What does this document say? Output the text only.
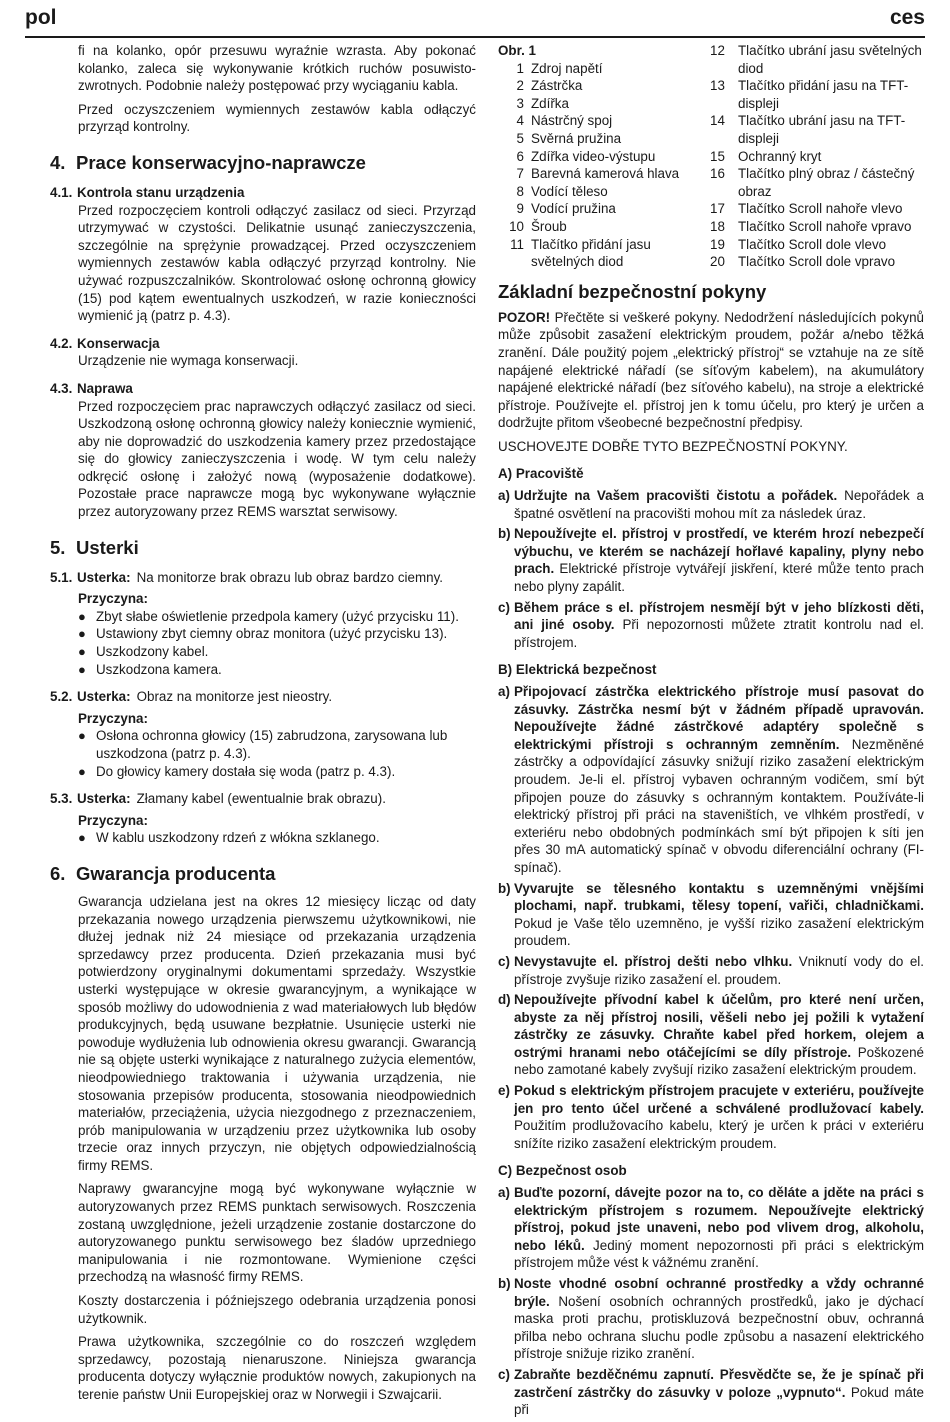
pol	ces

fi na kolanko, opór przesuwu wyraźnie wzrasta. Aby pokonać kolanko, zaleca się wykonywanie krótkich ruchów posuwisto-zwrotnych. Podobnie należy postępować przy wyciąganiu kabla.

Przed oczyszczeniem wymiennych zestawów kabla odłączyć przyrząd kontrolny.

4. Prace konserwacyjno-naprawcze
4.1. Kontrola stanu urządzenia

Przed rozpoczęciem kontroli odłączyć zasilacz od sieci. Przyrząd utrzymywać w czystości. Delikatnie usunąć zanieczyszczenia, szczególnie na sprężynie prowadzącej. Przed oczyszczeniem wymiennych zestawów kabla odłączyć przyrząd kontrolny. Nie używać rozpuszczalników. Skontrolować osłonę ochronną głowicy (15) pod kątem ewentualnych uszkodzeń, w razie konieczności wymienić ją (patrz p. 4.3).

4.2. Konserwacja

Urządzenie nie wymaga konserwacji.

4.3. Naprawa

Przed rozpoczęciem prac naprawczych odłączyć zasilacz od sieci. Uszkodzoną osłonę ochronną głowicy należy koniecznie wymienić, aby nie doprowadzić do uszkodzenia kamery przez przedostające się do głowicy zanieczyszczenia i wodę. W tym celu należy odkręcić osłonę i założyć nową (wyposażenie dodatkowe). Pozostałe prace naprawcze mogą byc wykonywane wyłącznie przez autoryzowany przez REMS warsztat serwisowy.

5. Usterki
5.1. Usterka: Na monitorze brak obrazu lub obraz bardzo ciemny.
Przyczyna:
● Zbyt słabe oświetlenie przedpola kamery (użyć przycisku 11).
● Ustawiony zbyt ciemny obraz monitora (użyć przycisku 13).
● Uszkodzony kabel.
● Uszkodzona kamera.
5.2. Usterka: Obraz na monitorze jest nieostry.
Przyczyna:
● Osłona ochronna głowicy (15) zabrudzona, zarysowana lub uszkodzona (patrz p. 4.3).
● Do głowicy kamery dostała się woda (patrz p. 4.3).
5.3. Usterka: Złamany kabel (ewentualnie brak obrazu).
Przyczyna:
● W kablu uszkodzony rdzeń z włókna szklanego.
6. Gwarancja producenta

Gwarancja udzielana jest na okres 12 miesięcy licząc od daty przekazania nowego urządzenia pierwszemu użytkownikowi, nie dłużej jednak niż 24 miesiące od przekazania urządzenia sprzedawcy przez producenta. Dzień przekazania musi być potwierdzony oryginalnymi dokumentami sprzedaży. Wszystkie usterki występujące w okresie gwarancyjnym, a wynikające w sposób możliwy do udowodnienia z wad materiałowych lub błędów produkcyjnych, będą usuwane bezpłatnie. Usunięcie usterki nie powoduje wydłużenia lub odnowienia okresu gwarancji. Gwarancją nie są objęte usterki wynikające z naturalnego zużycia elementów, nieodpowiedniego traktowania i używania urządzenia, nie stosowania przepisów producenta, stosowania nieodpowiednich materiałów, przeciążenia, użycia niezgodnego z przeznaczeniem, prób manipulowania w urządzeniu przez użytkownika lub osoby trzecie oraz innych przyczyn, nie objętych odpowiedzialnością firmy REMS.

Naprawy gwarancyjne mogą być wykonywane wyłącznie w autoryzowanych przez REMS punktach serwisowych. Roszczenia zostaną uwzględnione, jeżeli urządzenie zostanie dostarczone do autoryzowanego punktu serwisowego bez śladów uprzedniego manipulowania i nie rozmontowane. Wymienione części przechodzą na własność firmy REMS.

Koszty dostarczenia i późniejszego odebrania urządzenia ponosi użytkownik.

Prawa użytkownika, szczególnie co do roszczeń względem sprzedawcy, pozostają nienaruszone. Niniejsza gwarancja producenta dotyczy wyłącznie produktów nowych, zakupionych na terenie państw Unii Europejskiej oraz w Norwegii i Szwajcarii.

Obr. 1
1 Zdroj napětí
2 Zástrčka
3 Zdířka
4 Nástrčný spoj
5 Svěrná pružina
6 Zdířka video-výstupu
7 Barevná kamerová hlava
8 Vodící těleso
9 Vodící pružina
10 Šroub
11 Tlačítko přidání jasu světelných diod
12 Tlačítko ubrání jasu světelných diod
13 Tlačítko přidání jasu na TFT-displeji
14 Tlačítko ubrání jasu na TFT-displeji
15 Ochranný kryt
16 Tlačítko plný obraz / částečný obraz
17 Tlačítko Scroll nahoře vlevo
18 Tlačítko Scroll nahoře vpravo
19 Tlačítko Scroll dole vlevo
20 Tlačítko Scroll dole vpravo
Základní bezpečnostní pokyny

POZOR! Přečtěte si veškeré pokyny. Nedodržení následujících pokynů může způsobit zasažení elektrickým proudem, požár a/nebo těžká zranění. Dále použitý pojem „elektrický přístroj“ se vztahuje na ze sítě napájené elektrické nářadí (se síťovým kabelem), na akumulátory napájené elektrické nářadí (bez síťového kabelu), na stroje a elektrické přístroje. Používejte el. přístroj jen k tomu účelu, pro který je určen a dodržujte přitom všeobecné bezpečnostní předpisy.

USCHOVEJTE DOBŘE TYTO BEZPEČNOSTNÍ POKYNY.

A) Pracoviště
a) Udržujte na Vašem pracovišti čistotu a pořádek. Nepořádek a špatné osvětlení na pracovišti mohou mít za následek úraz.
b) Nepoužívejte el. přístroj v prostředí, ve kterém hrozí nebezpečí výbuchu, ve kterém se nacházejí hořlavé kapaliny, plyny nebo prach. Elektrické přístroje vytvářejí jiskření, které může tento prach nebo plyny zapálit.
c) Během práce s el. přístrojem nesmějí být v jeho blízkosti děti, ani jiné osoby. Při nepozornosti můžete ztratit kontrolu nad el. přístrojem.
B) Elektrická bezpečnost
a) Připojovací zástrčka elektrického přístroje musí pasovat do zásuvky. Zástrčka nesmí být v žádném případě upravován. Nepoužívejte žádné zástrčkové adaptéry společně s elektrickými přístroji s ochranným zemněním. Nezměněné zástrčky a odpovídající zásuvky snižují riziko zasažení elektrickým proudem. Je-li el. přístroj vybaven ochranným vodičem, smí být připojen pouze do zásuvky s ochranným kontaktem. Používáte-li elektrický přístroj při práci na staveništích, ve vlhkém prostředí, v exteriéru nebo obdobných podmínkách smí být připojen k síti jen přes 30 mA automatický spínač v obvodu diferenciální ochrany (FI-spínač).
b) Vyvarujte se tělesného kontaktu s uzemněnými vnějšími plochami, např. trubkami, tělesy topení, vařiči, chladničkami. Pokud je Vaše tělo uzemněno, je vyšší riziko zasažení elektrickým proudem.
c) Nevystavujte el. přístroj dešti nebo vlhku. Vniknutí vody do el. přístroje zvyšuje riziko zasažení el. proudem.
d) Nepoužívejte přívodní kabel k účelům, pro které není určen, abyste za něj přístroj nosili, věšeli nebo jej požili k vytažení zástrčky ze zásuvky. Chraňte kabel před horkem, olejem a ostrými hranami nebo otáčejícími se díly přístroje. Poškozené nebo zamotané kabely zvyšují riziko zasažení elektrickým proudem.
e) Pokud s elektrickým přístrojem pracujete v exteriéru, používejte jen pro tento účel určené a schválené prodlužovací kabely. Použitím prodlužovacího kabelu, který je určen k práci v exteriéru snížíte riziko zasažení elektrickým proudem.
C) Bezpečnost osob
a) Buďte pozorní, dávejte pozor na to, co děláte a jděte na práci s elektrickým přístrojem s rozumem. Nepoužívejte elektrický přístroj, pokud jste unaveni, nebo pod vlivem drog, alkoholu, nebo léků. Jediný moment nepozornosti při práci s elektrickým přístrojem může vést k vážnému zranění.
b) Noste vhodné osobní ochranné prostředky a vždy ochranné brýle. Nošení osobních ochranných prostředků, jako je dýchací maska proti prachu, protiskluzová bezpečnostní obuv, ochranná přilba nebo ochrana sluchu podle způsobu a nasazení elektrického přístroje snižuje riziko zranění.
c) Zabraňte bezděčnému zapnutí. Přesvědčte se, že je spínač při zastrčení zástrčky do zásuvky v poloze „vypnuto“. Pokud máte při
